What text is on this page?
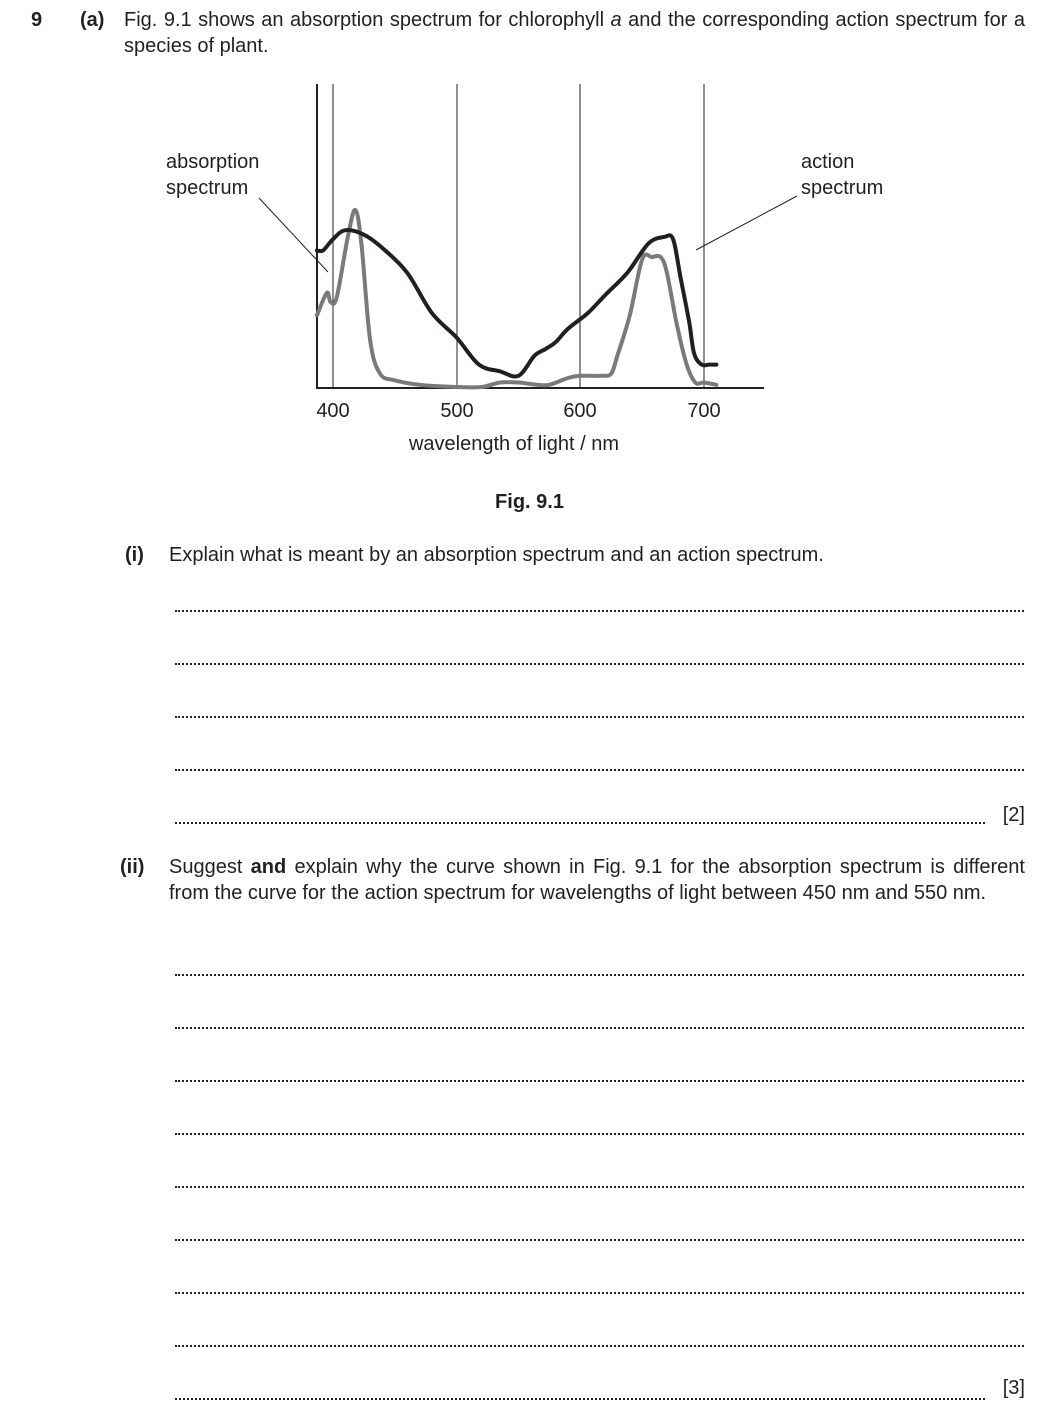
9 (a) Fig. 9.1 shows an absorption spectrum for chlorophyll a and the corresponding action spectrum for a species of plant.
absorption
spectrum
action
spectrum
400	500	600	700
wavelength of light / nm
Fig. 9.1
(i) Explain what is meant by an absorption spectrum and an action spectrum.
[2]
(ii) Suggest and explain why the curve shown in Fig. 9.1 for the absorption spectrum is different from the curve for the action spectrum for wavelengths of light between 450 nm and 550 nm.
[3]
